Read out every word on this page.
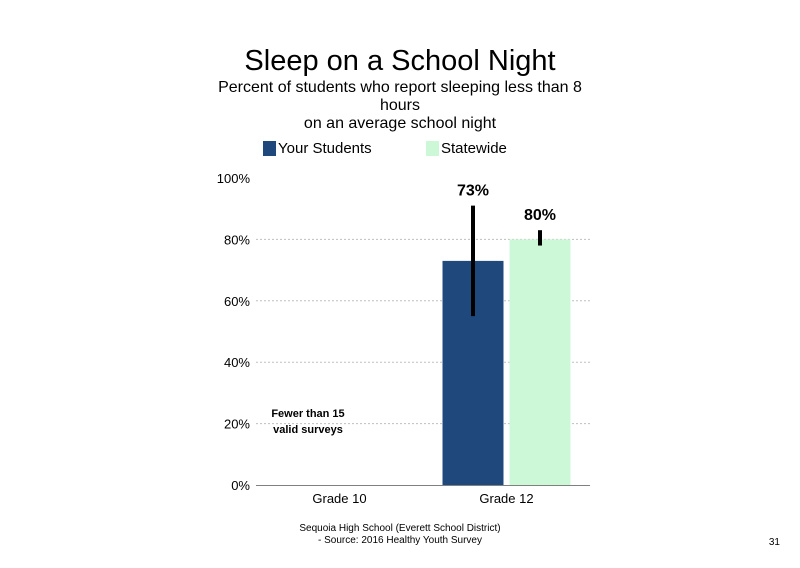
Sleep on a School Night
Percent of students who report sleeping less than 8
hours
on an average school night
Your Students	Statewide
0%
20%
40%
60%
80%
100%
Grade 10	Grade 12
73%
80%
Fewer than 15
valid surveys
Sequoia High School (Everett School District)
- Source: 2016 Healthy Youth Survey	31
